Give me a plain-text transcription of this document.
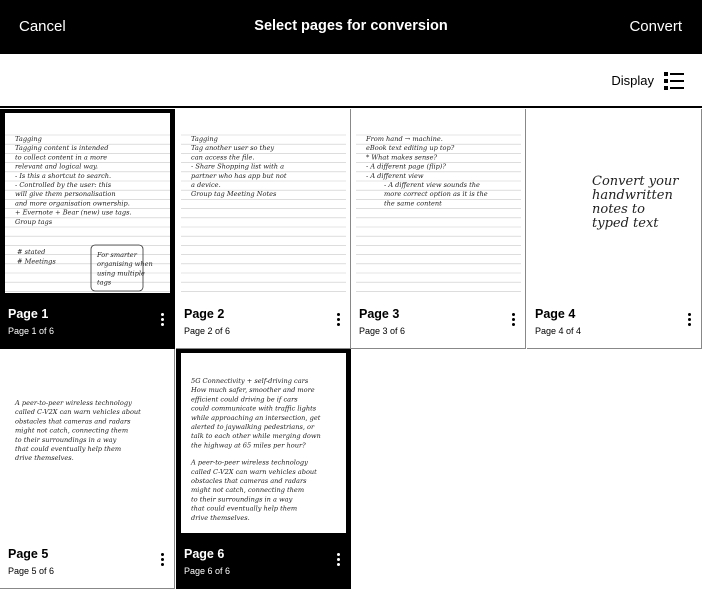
Cancel	Select pages for conversion	Convert
Display
Tagging
Tagging content is intended
to collect content in a more
relevant and logical way.
- Is this a shortcut to search.
- Controlled by the user: this
will give them personalisation
and more organisation ownership.
+ Evernote + Bear (new) use tags.
Group tags
For smarter
organising when
using multiple
tags
# stated
# Meetings
Page 1
Page 1 of 6
Tagging
Tag another user so they
can access the file.
- Share Shopping list with a
partner who has app but not
a device.
Group tag Meeting Notes
Page 2
Page 2 of 6
From hand → machine.
eBook text editing up top?
* What makes sense?
- A different page (flip)?
- A different view
- A different view sounds the
more correct option as it is the
the same content
Page 3
Page 3 of 6
Convert your
handwritten
notes to
typed text
Page 4
Page 4 of 4
A peer-to-peer wireless technology
called C-V2X can warn vehicles about
obstacles that cameras and radars
might not catch, connecting them
to their surroundings in a way
that could eventually help them
drive themselves.
Page 5
Page 5 of 6
5G Connectivity + self-driving cars
How much safer, smoother and more
efficient could driving be if cars
could communicate with traffic lights
while approaching an intersection, get
alerted to jaywalking pedestrians, or
talk to each other while merging down
the highway at 65 miles per hour?
A peer-to-peer wireless technology
called C-V2X can warn vehicles about
obstacles that cameras and radars
might not catch, connecting them
to their surroundings in a way
that could eventually help them
drive themselves.
Page 6
Page 6 of 6
